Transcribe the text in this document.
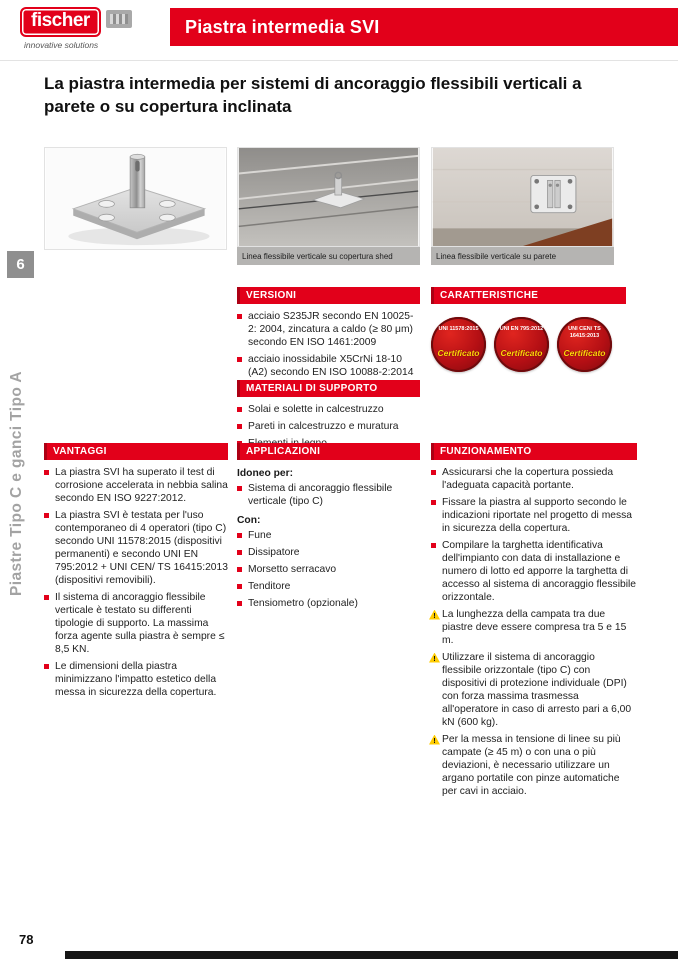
fischer
innovative solutions
Piastra intermedia SVI
La piastra intermedia per sistemi di ancoraggio flessibili verticali a parete o su copertura inclinata
6
Piastre Tipo C e ganci Tipo A
Linea flessibile verticale su copertura shed	Linea flessibile verticale su parete
VERSIONI
acciaio S235JR secondo EN 10025-2: 2004, zincatura a caldo (≥ 80 μm) secondo EN ISO 1461:2009
acciaio inossidabile X5CrNi 18-10 (A2) secondo EN ISO 10088-2:2014
CARATTERISTICHE
UNI 11578:2015
Certificato
UNI EN 795:2012
Certificato
UNI CEN/ TS 16415:2013
Certificato
MATERIALI DI SUPPORTO
Solai e solette in calcestruzzo
Pareti in calcestruzzo e muratura
VANTAGGI
La piastra SVI ha superato il test di corrosione accelerata in nebbia salina secondo EN ISO 9227:2012.
La piastra SVI è testata per l'uso contemporaneo di 4 operatori (tipo C) secondo UNI 11578:2015 (dispositivi permanenti) e secondo UNI EN 795:2012 + UNI CEN/ TS 16415:2013 (dispositivi removibili).
Il sistema di ancoraggio flessibile verticale è testato su differenti tipologie di supporto. La massima forza agente sulla piastra è sempre ≤ 8,5 KN.
Le dimensioni della piastra minimizzano l'impatto estetico della messa in sicurezza della copertura.
APPLICAZIONI
Idoneo per:
Sistema di ancoraggio flessibile verticale (tipo C)
Con:
Fune
Dissipatore
Morsetto serracavo
Tenditore
Tensiometro (opzionale)
FUNZIONAMENTO
Assicurarsi che la copertura possieda l'adeguata capacità portante.
Fissare la piastra al supporto secondo le indicazioni riportate nel progetto di messa in sicurezza della copertura.
Compilare la targhetta identificativa dell'impianto con data di installazione e numero di lotto ed apporre la targhetta di accesso al sistema di ancoraggio flessibile orizzontale.
!
La lunghezza della campata tra due piastre deve essere compresa tra 5 e 15 m.
!
Utilizzare il sistema di ancoraggio flessibile orizzontale (tipo C) con dispositivi di protezione individuale (DPI) con forza massima trasmessa all'operatore in caso di arresto pari a 6,00 kN (600 kg).
!
Per la messa in tensione di linee su più campate (≥ 45 m) o con una o più deviazioni, è necessario utilizzare un argano portatile con pinze automatiche per cavi in acciaio.
78
